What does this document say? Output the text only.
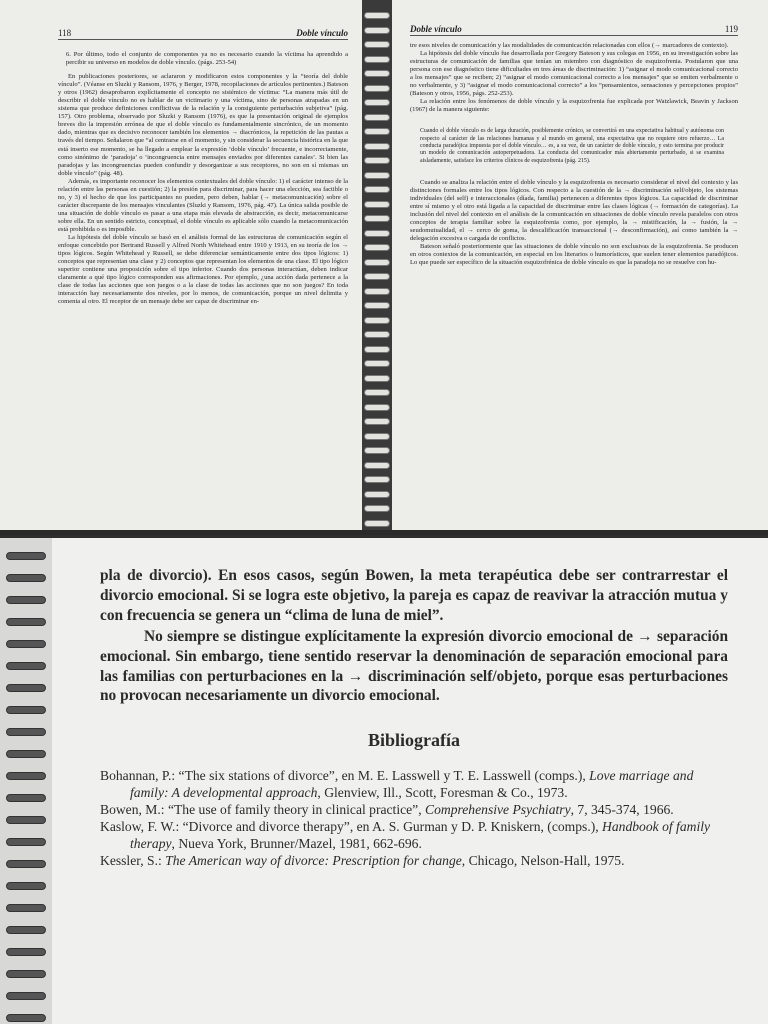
118	Doble vínculo

6. Por último, todo el conjunto de componentes ya no es necesario cuando la víctima ha aprendido a percibir su universo en modelos de doble vínculo. (págs. 253-54)

En publicaciones posteriores, se aclararon y modificaron estos componentes y la “teoría del doble vínculo”. (Véanse en Sluzki y Ransom, 1976, y Berger, 1978, recopilaciones de artículos pertinentes.) Bateson y otros (1962) desaprobaron explícitamente el concepto no sistémico de víctima: “La manera más útil de describir el doble vínculo no es hablar de un victimario y una víctima, sino de personas atrapadas en un sistema que produce definiciones conflictivas de la relación y la consiguiente perturbación subjetiva” (pág. 157). Otro problema, observado por Sluzki y Ransom (1976), es que la presentación original de ejemplos breves dio la impresión errónea de que el doble vínculo es fundamentalmente sincrónico, de un momento dado, mientras que es decisivo reconocer también los elementos → diacrónicos, la repetición de las pautas a través del tiempo. Señalaron que “al centrarse en el momento, y sin considerar la secuencia histórica en la que está inserto ese momento, se ha llegado a emplear la expresión ‘doble vínculo’ frecuente, e incorrectamente, como sinónimo de ‘paradoja’ o ‘incongruencia entre mensajes enviados por diferentes canales’. Si bien las paradojas y las incongruencias pueden confundir y desorganizar a sus receptores, no son en sí mismas un doble vínculo” (pág. 48).

Además, es importante reconocer los elementos contextuales del doble vínculo: 1) el carácter intenso de la relación entre las personas en cuestión; 2) la presión para discriminar, para hacer una elección, sea factible o no, y 3) el hecho de que los participantes no pueden, pero deben, hablar (→ metacomunicación) sobre el carácter discrepante de los mensajes vinculantes (Sluzki y Ransom, 1976, pág. 47). La única salida posible de una situación de doble vínculo es pasar a una etapa más elevada de abstracción, es decir, metacomunicarse sobre ella. En un sentido estricto, conceptual, el doble vínculo es aplicable sólo cuando la metacomunicación está prohibida o es imposible.

La hipótesis del doble vínculo se basó en el análisis formal de las estructuras de comunicación según el enfoque concebido por Bertrand Russell y Alfred North Whitehead entre 1910 y 1913, en su teoría de los → tipos lógicos. Según Whitehead y Russell, se debe diferenciar semánticamente entre dos tipos lógicos: 1) conceptos que representan una clase y 2) conceptos que representan los elementos de una clase. El tipo lógico superior contiene una proposición sobre el tipo inferior. Cuando dos personas interactúan, deben indicar claramente a qué tipo lógico corresponden sus afirmaciones. Por ejemplo, ¿una acción dada pertenece a la clase de todas las acciones que son juegos o a la clase de todas las acciones que no son juegos? En toda interacción hay necesariamente dos niveles, por lo menos, de comunicación, porque un nivel delimita y comenta al otro. El receptor de un mensaje debe ser capaz de discriminar en-

Doble vínculo	119

tre esos niveles de comunicación y las modalidades de comunicación relacionadas con ellos (→ marcadores de contexto).

La hipótesis del doble vínculo fue desarrollada por Gregory Bateson y sus colegas en 1956, en su investigación sobre las estructuras de comunicación de familias que tenían un miembro con diagnóstico de esquizofrenia. Postularon que una persona con ese diagnóstico tiene dificultades en tres áreas de discriminación: 1) “asignar el modo comunicacional correcto a los mensajes” que se reciben; 2) “asignar el modo comunicacional correcto a los mensajes” que se emiten verbalmente o no verbalmente, y 3) “asignar el modo comunicacional correcto” a los “pensamientos, sensaciones y percepciones propios” (Bateson y otros, 1956, págs. 252-253).

La relación entre los fenómenos de doble vínculo y la esquizofrenia fue explicada por Watzlawick, Beavin y Jackson (1967) de la manera siguiente:

Cuando el doble vínculo es de larga duración, posiblemente crónico, se convertirá en una expectativa habitual y autónoma con respecto al carácter de las relaciones humanas y al mundo en general, una expectativa que no requiere otro refuerzo… La conducta paradójica impuesta por el doble vínculo… es, a su vez, de un carácter de doble vínculo, y esto termina por producir un modelo de comunicación autoperpetuadora. La conducta del comunicador más abiertamente perturbado, si se examina aisladamente, satisface los criterios clínicos de esquizofrenia (pág. 215).

Cuando se analiza la relación entre el doble vínculo y la esquizofrenia es necesario considerar el nivel del contexto y las distinciones formales entre los tipos lógicos. Con respecto a la cuestión de la → discriminación self/objeto, los sistemas individuales (del self) e interaccionales (díada, familia) pertenecen a diferentes tipos lógicos. La capacidad de discriminar entre sí mismo y el otro está ligada a la capacidad de discriminar entre las clases lógicas (→ formación de categorías). La inclusión del nivel del contexto en el análisis de la comunicación en situaciones de doble vínculo revela paralelos con otros conceptos de terapia familiar sobre la esquizofrenia como, por ejemplo, la → mistificación, la → fusión, la → seudomutualidad, el → cerco de goma, la descalificación transaccional (→ desconfirmación), así como también la → delegación excesiva o cargada de conflictos.

Bateson señaló posteriormente que las situaciones de doble vínculo no son exclusivas de la esquizofrenia. Se producen en otros contextos de la comunicación, en especial en los literarios o humorísticos, que suelen tener elementos paradójicos. Lo que puede ser específico de la situación esquizofrénica de doble vínculo es que la paradoja no se resuelve con hu-

pla de divorcio). En esos casos, según Bowen, la meta terapéutica debe ser contrarrestar el divorcio emocional. Si se logra este objetivo, la pareja es capaz de reavivar la atracción mutua y con frecuencia se genera un “clima de luna de miel”.

No siempre se distingue explícitamente la expresión divorcio emocional de → separación emocional. Sin embargo, tiene sentido reservar la denominación de separación emocional para las familias con perturbaciones en la → discriminación self/objeto, porque esas perturbaciones no provocan necesariamente un divorcio emocional.

Bibliografía

Bohannan, P.: “The six stations of divorce”, en M. E. Lasswell y T. E. Lasswell (comps.), Love marriage and family: A developmental approach, Glenview, Ill., Scott, Foresman & Co., 1973.

Bowen, M.: “The use of family theory in clinical practice”, Comprehensive Psychiatry, 7, 345-374, 1966.

Kaslow, F. W.: “Divorce and divorce therapy”, en A. S. Gurman y D. P. Kniskern, (comps.), Handbook of family therapy, Nueva York, Brunner/Mazel, 1981, 662-696.

Kessler, S.: The American way of divorce: Prescription for change, Chicago, Nelson-Hall, 1975.
